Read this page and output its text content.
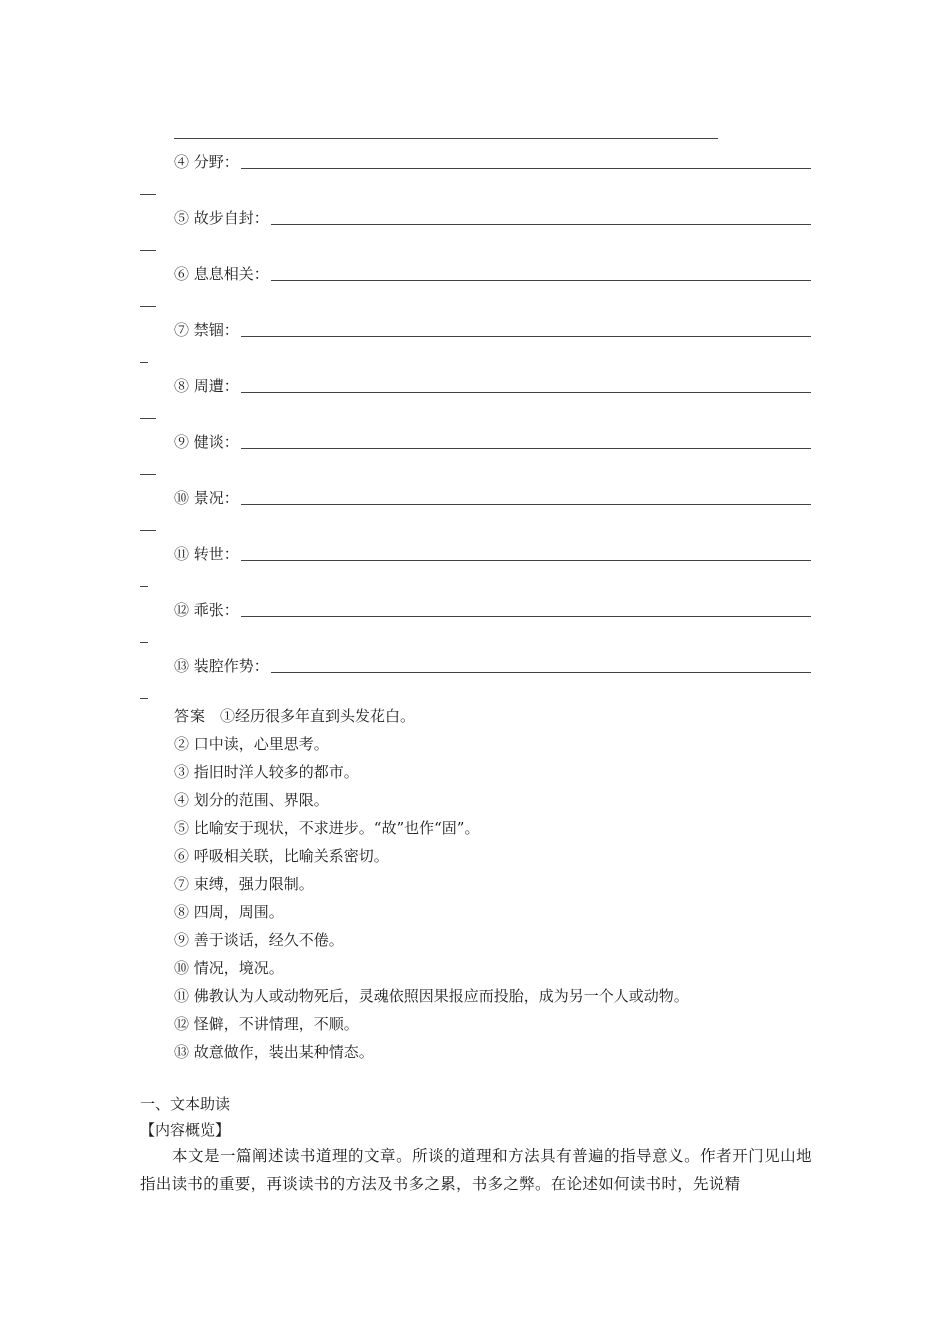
④ 分野：
⑤ 故步自封：
⑥ 息息相关：
⑦ 禁锢：
⑧ 周遭：
⑨ 健谈：
⑩ 景况：
⑪ 转世：
⑫ 乖张：
⑬ 装腔作势：
答案 ①经历很多年直到头发花白。
② 口中读，心里思考。
③ 指旧时洋人较多的都市。
④ 划分的范围、界限。
⑤ 比喻安于现状，不求进步。“故”也作“固”。
⑥ 呼吸相关联，比喻关系密切。
⑦ 束缚，强力限制。
⑧ 四周，周围。
⑨ 善于谈话，经久不倦。
⑩ 情况，境况。
⑪ 佛教认为人或动物死后，灵魂依照因果报应而投胎，成为另一个人或动物。
⑫ 怪僻，不讲情理，不顺。
⑬ 故意做作，装出某种情态。
一、文本助读
【内容概览】
本文是一篇阐述读书道理的文章。所谈的道理和方法具有普遍的指导意义。作者开门见山地指出读书的重要，再谈读书的方法及书多之累，书多之弊。在论述如何读书时，先说精
